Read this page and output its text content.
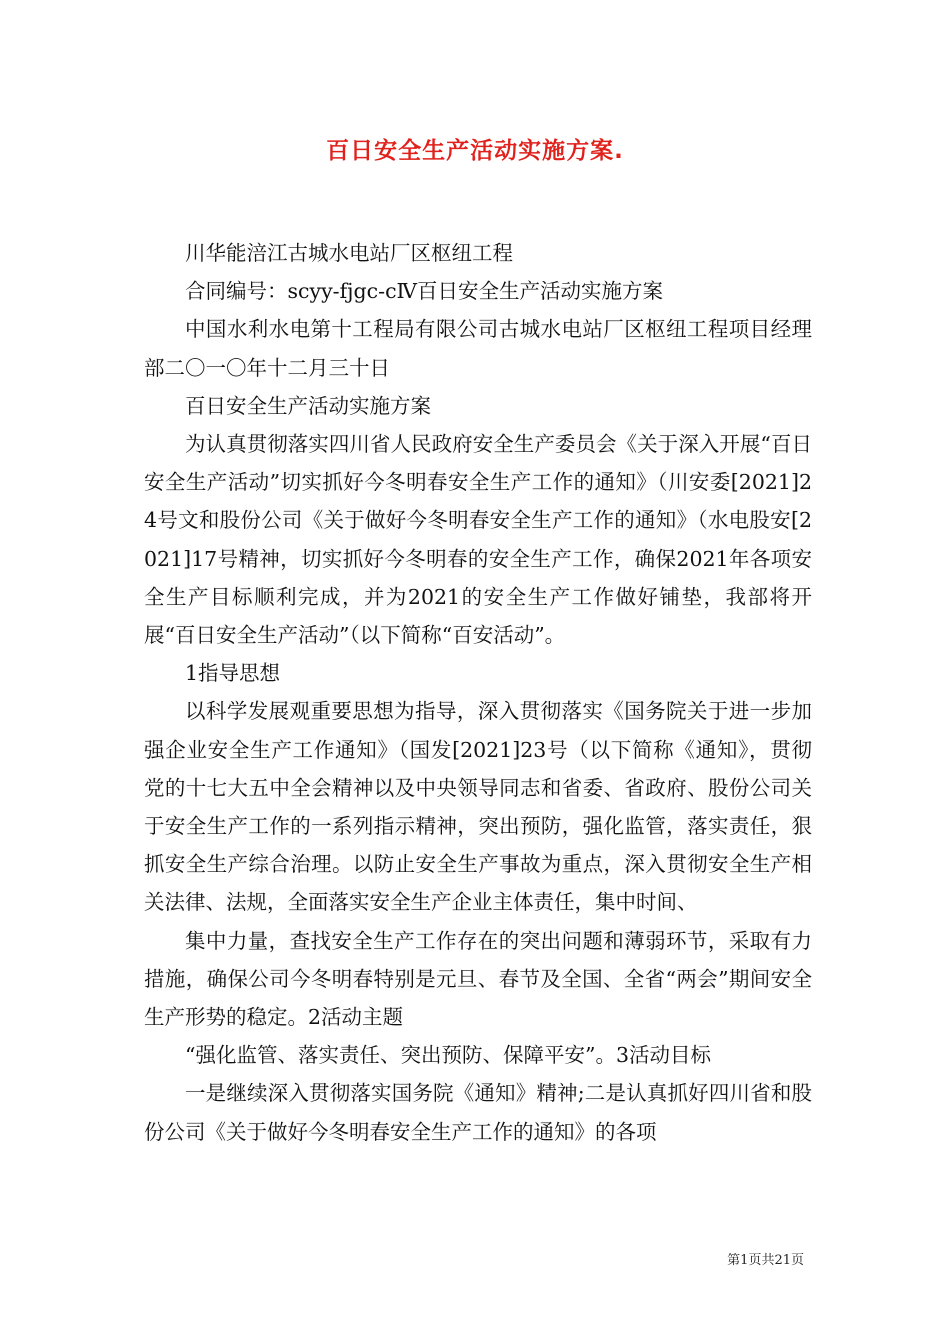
百日安全生产活动实施方案.

川华能涪江古城水电站厂区枢纽工程

合同编号：scyy-fjgc-cⅣ百日安全生产活动实施方案

中国水利水电第十工程局有限公司古城水电站厂区枢纽工程项目经理部二〇一〇年十二月三十日

百日安全生产活动实施方案

为认真贯彻落实四川省人民政府安全生产委员会《关于深入开展“百日安全生产活动”切实抓好今冬明春安全生产工作的通知》（川安委[2021]24号文和股份公司《关于做好今冬明春安全生产工作的通知》（水电股安[2021]17号精神，切实抓好今冬明春的安全生产工作，确保2021年各项安全生产目标顺利完成，并为2021的安全生产工作做好铺垫，我部将开展“百日安全生产活动”（以下简称“百安活动”。

1指导思想

以科学发展观重要思想为指导，深入贯彻落实《国务院关于进一步加强企业安全生产工作通知》（国发[2021]23号（以下简称《通知》，贯彻党的十七大五中全会精神以及中央领导同志和省委、省政府、股份公司关于安全生产工作的一系列指示精神，突出预防，强化监管，落实责任，狠抓安全生产综合治理。以防止安全生产事故为重点，深入贯彻安全生产相关法律、法规，全面落实安全生产企业主体责任，集中时间、

集中力量，查找安全生产工作存在的突出问题和薄弱环节，采取有力措施，确保公司今冬明春特别是元旦、春节及全国、全省“两会”期间安全生产形势的稳定。2活动主题

“强化监管、落实责任、突出预防、保障平安”。3活动目标

一是继续深入贯彻落实国务院《通知》精神;二是认真抓好四川省和股份公司《关于做好今冬明春安全生产工作的通知》的各项

第1页共21页
